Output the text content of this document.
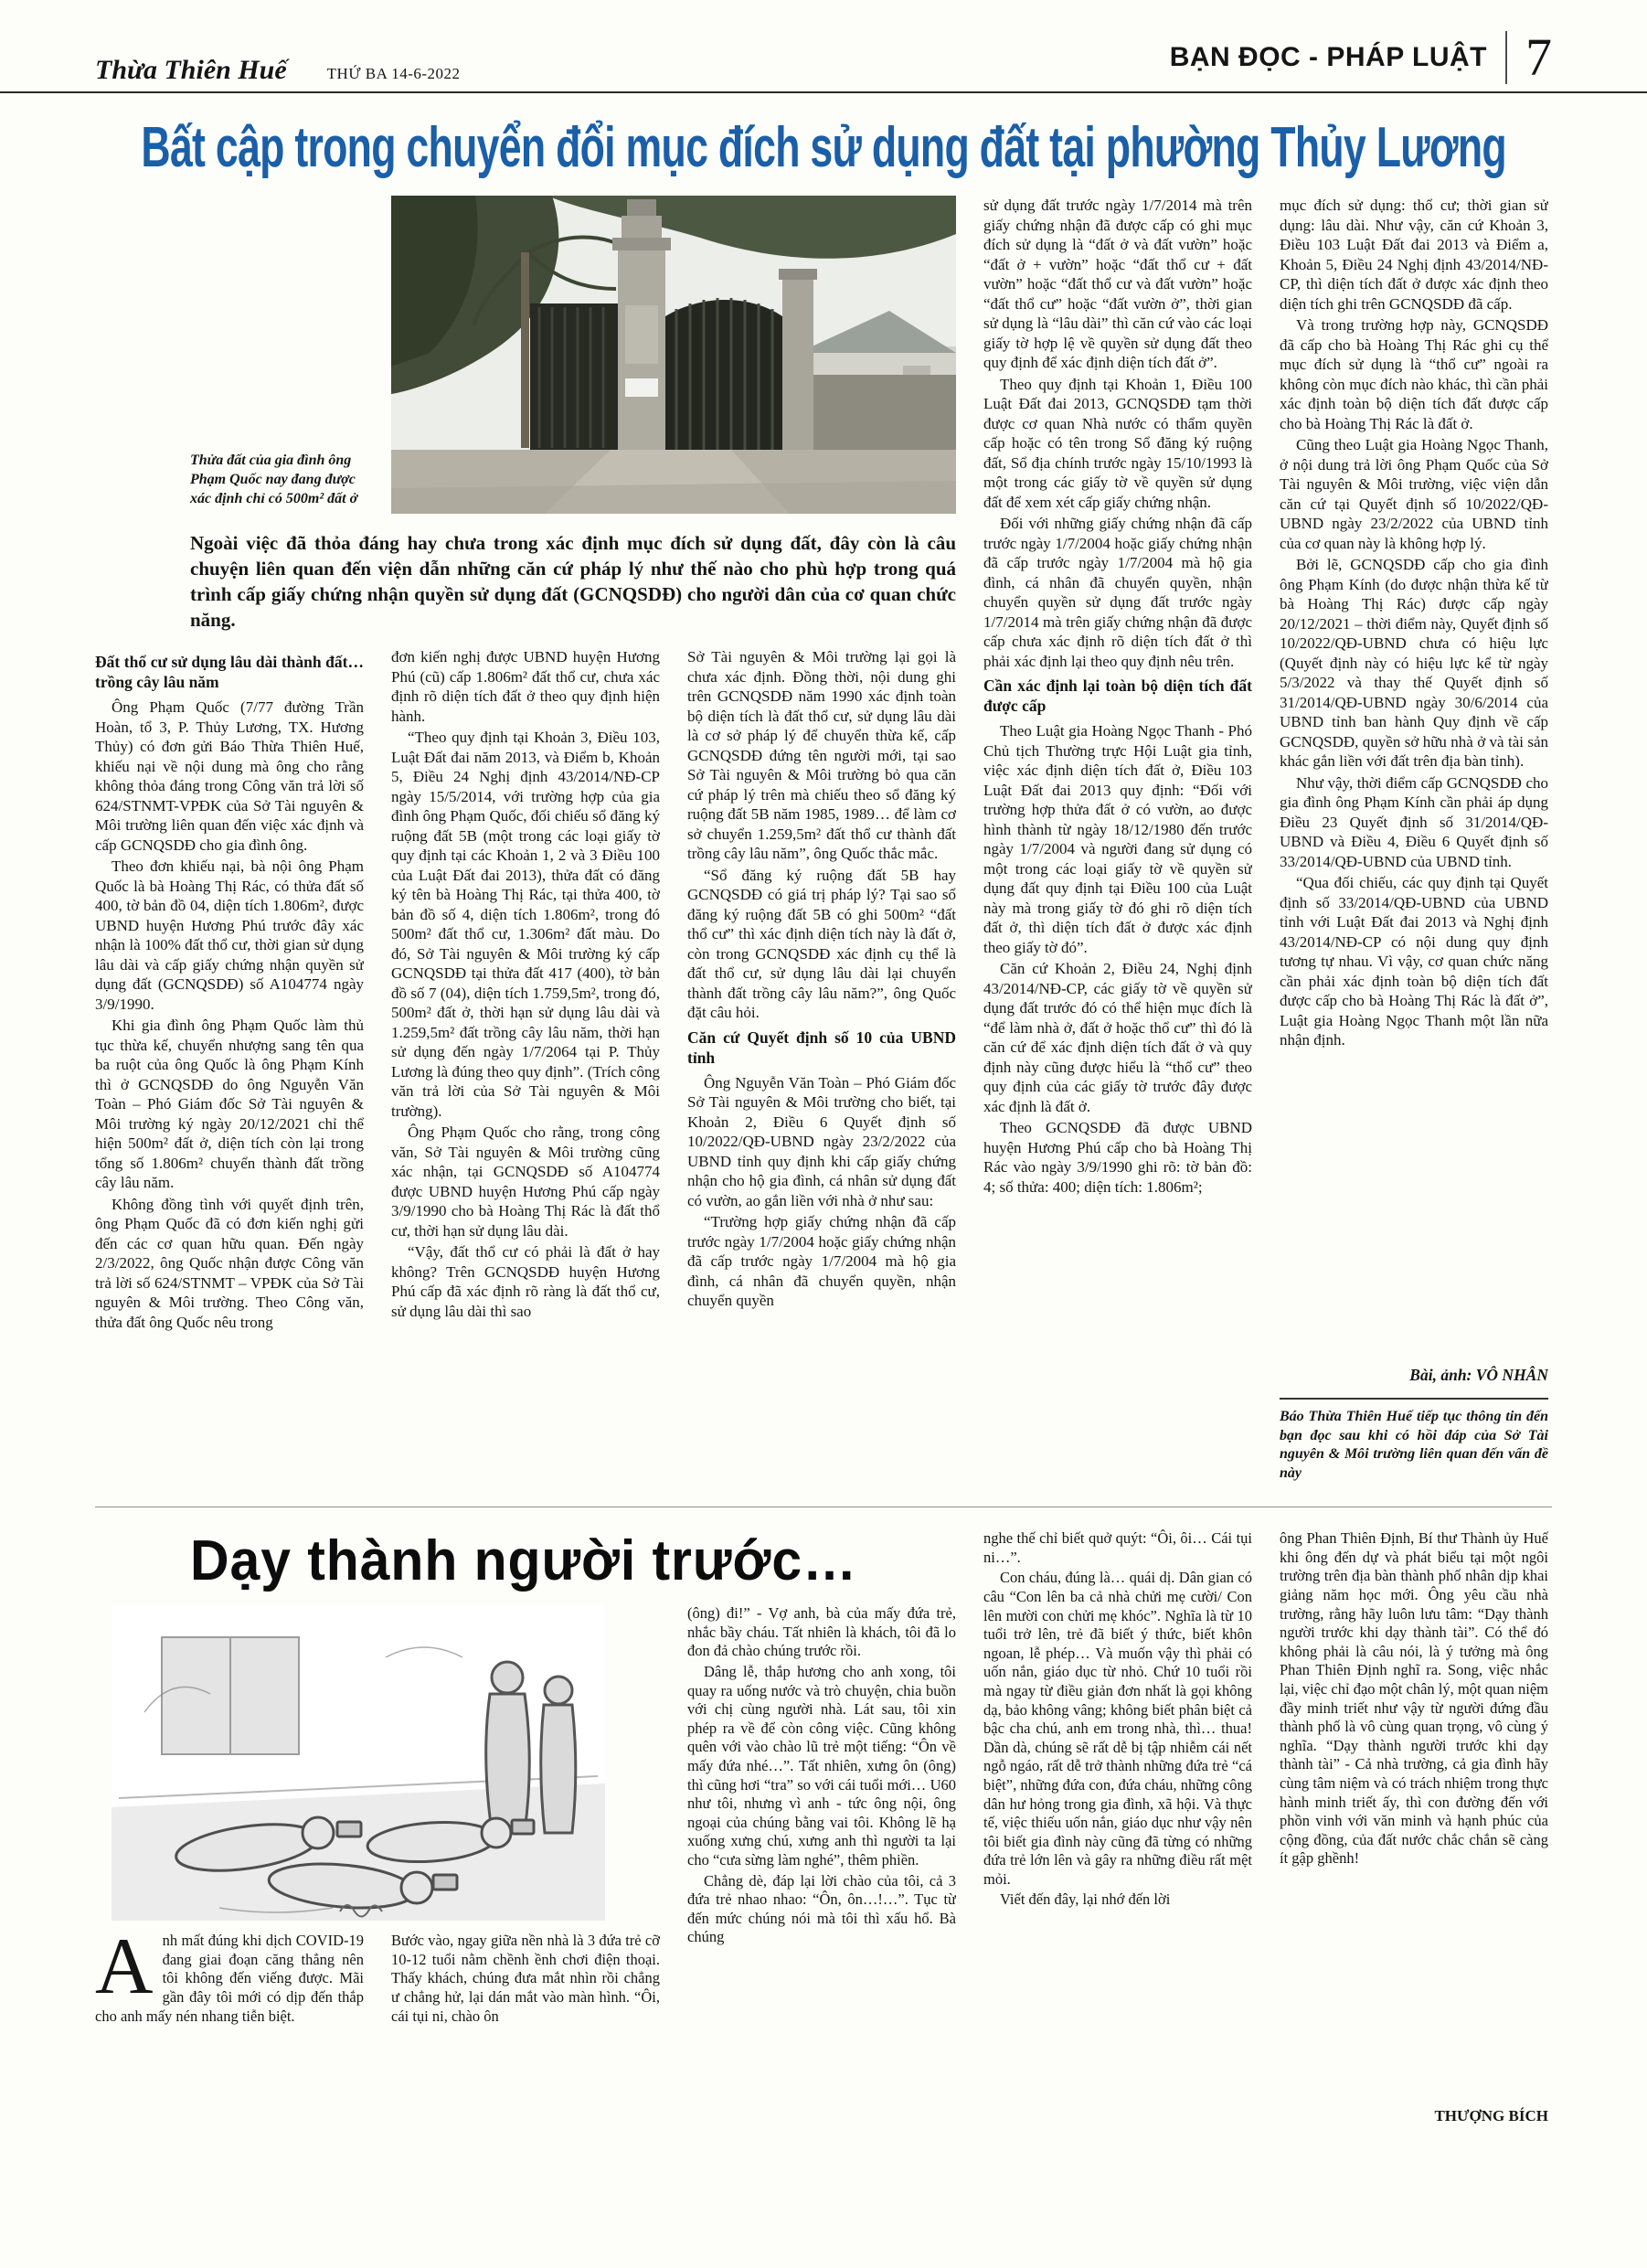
Thừa Thiên Huế	THỨ BA 14-6-2022
BẠN ĐỌC - PHÁP LUẬT 7
Bất cập trong chuyển đổi mục đích sử dụng đất tại phường Thủy Lương

Thửa đất của gia đình ông Phạm Quốc nay đang được xác định chỉ có 500m² đất ở

Ngoài việc đã thỏa đáng hay chưa trong xác định mục đích sử dụng đất, đây còn là câu chuyện liên quan đến viện dẫn những căn cứ pháp lý như thế nào cho phù hợp trong quá trình cấp giấy chứng nhận quyền sử dụng đất (GCNQSDĐ) cho người dân của cơ quan chức năng.

Đất thổ cư sử dụng lâu dài thành đất… trồng cây lâu năm

Ông Phạm Quốc (7/77 đường Trần Hoàn, tổ 3, P. Thủy Lương, TX. Hương Thủy) có đơn gửi Báo Thừa Thiên Huế, khiếu nại về nội dung mà ông cho rằng không thỏa đáng trong Công văn trả lời số 624/STNMT-VPĐK của Sở Tài nguyên & Môi trường liên quan đến việc xác định và cấp GCNQSDĐ cho gia đình ông.

Theo đơn khiếu nại, bà nội ông Phạm Quốc là bà Hoàng Thị Rác, có thửa đất số 400, tờ bản đồ 04, diện tích 1.806m², được UBND huyện Hương Phú trước đây xác nhận là 100% đất thổ cư, thời gian sử dụng lâu dài và cấp giấy chứng nhận quyền sử dụng đất (GCNQSDĐ) số A104774 ngày 3/9/1990.

Khi gia đình ông Phạm Quốc làm thủ tục thừa kế, chuyển nhượng sang tên qua ba ruột của ông Quốc là ông Phạm Kính thì ở GCNQSDĐ do ông Nguyễn Văn Toàn – Phó Giám đốc Sở Tài nguyên & Môi trường ký ngày 20/12/2021 chỉ thể hiện 500m² đất ở, diện tích còn lại trong tổng số 1.806m² chuyển thành đất trồng cây lâu năm.

Không đồng tình với quyết định trên, ông Phạm Quốc đã có đơn kiến nghị gửi đến các cơ quan hữu quan. Đến ngày 2/3/2022, ông Quốc nhận được Công văn trả lời số 624/STNMT – VPĐK của Sở Tài nguyên & Môi trường. Theo Công văn, thửa đất ông Quốc nêu trong

đơn kiến nghị được UBND huyện Hương Phú (cũ) cấp 1.806m² đất thổ cư, chưa xác định rõ diện tích đất ở theo quy định hiện hành.

“Theo quy định tại Khoản 3, Điều 103, Luật Đất đai năm 2013, và Điểm b, Khoản 5, Điều 24 Nghị định 43/2014/NĐ-CP ngày 15/5/2014, với trường hợp của gia đình ông Phạm Quốc, đối chiếu sổ đăng ký ruộng đất 5B (một trong các loại giấy tờ quy định tại các Khoản 1, 2 và 3 Điều 100 của Luật Đất đai 2013), thửa đất có đăng ký tên bà Hoàng Thị Rác, tại thửa 400, tờ bản đồ số 4, diện tích 1.806m², trong đó 500m² đất thổ cư, 1.306m² đất màu. Do đó, Sở Tài nguyên & Môi trường ký cấp GCNQSDĐ tại thửa đất 417 (400), tờ bản đồ số 7 (04), diện tích 1.759,5m², trong đó, 500m² đất ở, thời hạn sử dụng lâu dài và 1.259,5m² đất trồng cây lâu năm, thời hạn sử dụng đến ngày 1/7/2064 tại P. Thủy Lương là đúng theo quy định”. (Trích công văn trả lời của Sở Tài nguyên & Môi trường).

Ông Phạm Quốc cho rằng, trong công văn, Sở Tài nguyên & Môi trường cũng xác nhận, tại GCNQSDĐ số A104774 được UBND huyện Hương Phú cấp ngày 3/9/1990 cho bà Hoàng Thị Rác là đất thổ cư, thời hạn sử dụng lâu dài.

“Vậy, đất thổ cư có phải là đất ở hay không? Trên GCNQSDĐ huyện Hương Phú cấp đã xác định rõ ràng là đất thổ cư, sử dụng lâu dài thì sao

Sở Tài nguyên & Môi trường lại gọi là chưa xác định. Đồng thời, nội dung ghi trên GCNQSDĐ năm 1990 xác định toàn bộ diện tích là đất thổ cư, sử dụng lâu dài là cơ sở pháp lý để chuyển thừa kế, cấp GCNQSDĐ đứng tên người mới, tại sao Sở Tài nguyên & Môi trường bỏ qua căn cứ pháp lý trên mà chiếu theo sổ đăng ký ruộng đất 5B năm 1985, 1989… để làm cơ sở chuyển 1.259,5m² đất thổ cư thành đất trồng cây lâu năm”, ông Quốc thắc mắc.

“Sổ đăng ký ruộng đất 5B hay GCNQSDĐ có giá trị pháp lý? Tại sao sổ đăng ký ruộng đất 5B có ghi 500m² “đất thổ cư” thì xác định diện tích này là đất ở, còn trong GCNQSDĐ xác định cụ thể là đất thổ cư, sử dụng lâu dài lại chuyển thành đất trồng cây lâu năm?”, ông Quốc đặt câu hỏi.

Căn cứ Quyết định số 10 của UBND tỉnh

Ông Nguyễn Văn Toàn – Phó Giám đốc Sở Tài nguyên & Môi trường cho biết, tại Khoản 2, Điều 6 Quyết định số 10/2022/QĐ-UBND ngày 23/2/2022 của UBND tỉnh quy định khi cấp giấy chứng nhận cho hộ gia đình, cá nhân sử dụng đất có vườn, ao gắn liền với nhà ở như sau:

“Trường hợp giấy chứng nhận đã cấp trước ngày 1/7/2004 hoặc giấy chứng nhận đã cấp trước ngày 1/7/2004 mà hộ gia đình, cá nhân đã chuyển quyền, nhận chuyển quyền

sử dụng đất trước ngày 1/7/2014 mà trên giấy chứng nhận đã được cấp có ghi mục đích sử dụng là “đất ở và đất vườn” hoặc “đất ở + vườn” hoặc “đất thổ cư + đất vườn” hoặc “đất thổ cư và đất vườn” hoặc “đất thổ cư” hoặc “đất vườn ở”, thời gian sử dụng là “lâu dài” thì căn cứ vào các loại giấy tờ hợp lệ về quyền sử dụng đất theo quy định để xác định diện tích đất ở”.

Theo quy định tại Khoản 1, Điều 100 Luật Đất đai 2013, GCNQSDĐ tạm thời được cơ quan Nhà nước có thẩm quyền cấp hoặc có tên trong Sổ đăng ký ruộng đất, Sổ địa chính trước ngày 15/10/1993 là một trong các giấy tờ về quyền sử dụng đất để xem xét cấp giấy chứng nhận.

Đối với những giấy chứng nhận đã cấp trước ngày 1/7/2004 hoặc giấy chứng nhận đã cấp trước ngày 1/7/2004 mà hộ gia đình, cá nhân đã chuyển quyền, nhận chuyển quyền sử dụng đất trước ngày 1/7/2014 mà trên giấy chứng nhận đã được cấp chưa xác định rõ diện tích đất ở thì phải xác định lại theo quy định nêu trên.

Cần xác định lại toàn bộ diện tích đất được cấp

Theo Luật gia Hoàng Ngọc Thanh - Phó Chủ tịch Thường trực Hội Luật gia tỉnh, việc xác định diện tích đất ở, Điều 103 Luật Đất đai 2013 quy định: “Đối với trường hợp thửa đất ở có vườn, ao được hình thành từ ngày 18/12/1980 đến trước ngày 1/7/2004 và người đang sử dụng có một trong các loại giấy tờ về quyền sử dụng đất quy định tại Điều 100 của Luật này mà trong giấy tờ đó ghi rõ diện tích đất ở, thì diện tích đất ở được xác định theo giấy tờ đó”.

Căn cứ Khoản 2, Điều 24, Nghị định 43/2014/NĐ-CP, các giấy tờ về quyền sử dụng đất trước đó có thể hiện mục đích là “để làm nhà ở, đất ở hoặc thổ cư” thì đó là căn cứ để xác định diện tích đất ở và quy định này cũng được hiểu là “thổ cư” theo quy định của các giấy tờ trước đây được xác định là đất ở.

Theo GCNQSDĐ đã được UBND huyện Hương Phú cấp cho bà Hoàng Thị Rác vào ngày 3/9/1990 ghi rõ: tờ bản đồ: 4; số thửa: 400; diện tích: 1.806m²;

mục đích sử dụng: thổ cư; thời gian sử dụng: lâu dài. Như vậy, căn cứ Khoản 3, Điều 103 Luật Đất đai 2013 và Điểm a, Khoản 5, Điều 24 Nghị định 43/2014/NĐ-CP, thì diện tích đất ở được xác định theo diện tích ghi trên GCNQSDĐ đã cấp.

Và trong trường hợp này, GCNQSDĐ đã cấp cho bà Hoàng Thị Rác ghi cụ thể mục đích sử dụng là “thổ cư” ngoài ra không còn mục đích nào khác, thì cần phải xác định toàn bộ diện tích đất được cấp cho bà Hoàng Thị Rác là đất ở.

Cũng theo Luật gia Hoàng Ngọc Thanh, ở nội dung trả lời ông Phạm Quốc của Sở Tài nguyên & Môi trường, việc viện dẫn căn cứ tại Quyết định số 10/2022/QĐ-UBND ngày 23/2/2022 của UBND tỉnh của cơ quan này là không hợp lý.

Bởi lẽ, GCNQSDĐ cấp cho gia đình ông Phạm Kính (do được nhận thừa kế từ bà Hoàng Thị Rác) được cấp ngày 20/12/2021 – thời điểm này, Quyết định số 10/2022/QĐ-UBND chưa có hiệu lực (Quyết định này có hiệu lực kể từ ngày 5/3/2022 và thay thế Quyết định số 31/2014/QĐ-UBND ngày 30/6/2014 của UBND tỉnh ban hành Quy định về cấp GCNQSDĐ, quyền sở hữu nhà ở và tài sản khác gắn liền với đất trên địa bàn tỉnh).

Như vậy, thời điểm cấp GCNQSDĐ cho gia đình ông Phạm Kính cần phải áp dụng Điều 23 Quyết định số 31/2014/QĐ-UBND và Điều 4, Điều 6 Quyết định số 33/2014/QĐ-UBND của UBND tỉnh.

“Qua đối chiếu, các quy định tại Quyết định số 33/2014/QĐ-UBND của UBND tỉnh với Luật Đất đai 2013 và Nghị định 43/2014/NĐ-CP có nội dung quy định tương tự nhau. Vì vậy, cơ quan chức năng cần phải xác định toàn bộ diện tích đất được cấp cho bà Hoàng Thị Rác là đất ở”, Luật gia Hoàng Ngọc Thanh một lần nữa nhận định.

Bài, ảnh: VÔ NHÂN

Báo Thừa Thiên Huế tiếp tục thông tin đến bạn đọc sau khi có hồi đáp của Sở Tài nguyên & Môi trường liên quan đến vấn đề này

Dạy thành người trước…

Anh mất đúng khi dịch COVID-19 đang giai đoạn căng thẳng nên tôi không đến viếng được. Mãi gần đây tôi mới có dịp đến thắp cho anh mấy nén nhang tiễn biệt.

Bước vào, ngay giữa nền nhà là 3 đứa trẻ cỡ 10-12 tuổi nằm chềnh ềnh chơi điện thoại. Thấy khách, chúng đưa mắt nhìn rồi chẳng ư chẳng hử, lại dán mắt vào màn hình. “Ôi, cái tụi ni, chào ôn

(ông) đi!” - Vợ anh, bà của mấy đứa trẻ, nhắc bầy cháu. Tất nhiên là khách, tôi đã lo đon đả chào chúng trước rồi.

Dâng lễ, thắp hương cho anh xong, tôi quay ra uống nước và trò chuyện, chia buồn với chị cùng người nhà. Lát sau, tôi xin phép ra về để còn công việc. Cũng không quên với vào chào lũ trẻ một tiếng: “Ôn về mấy đứa nhé…”. Tất nhiên, xưng ôn (ông) thì cũng hơi “tra” so với cái tuổi mới… U60 như tôi, nhưng vì anh - tức ông nội, ông ngoại của chúng bằng vai tôi. Không lẽ hạ xuống xưng chú, xưng anh thì người ta lại cho “cưa sừng làm nghé”, thêm phiền.

Chẳng dè, đáp lại lời chào của tôi, cả 3 đứa trẻ nhao nhao: “Ôn, ôn…!…”. Tục từ đến mức chúng nói mà tôi thì xấu hổ. Bà chúng

nghe thế chỉ biết quở quýt: “Ôi, ôi… Cái tụi ni…”.

Con cháu, đúng là… quái dị. Dân gian có câu “Con lên ba cả nhà chửi mẹ cười/ Con lên mười con chửi mẹ khóc”. Nghĩa là từ 10 tuổi trở lên, trẻ đã biết ý thức, biết khôn ngoan, lễ phép… Và muốn vậy thì phải có uốn nắn, giáo dục từ nhỏ. Chứ 10 tuổi rồi mà ngay từ điều giản đơn nhất là gọi không dạ, bảo không vâng; không biết phân biệt cả bậc cha chú, anh em trong nhà, thì… thua! Dần dà, chúng sẽ rất dễ bị tập nhiễm cái nết ngỗ ngáo, rất dễ trở thành những đứa trẻ “cá biệt”, những đứa con, đứa cháu, những công dân hư hỏng trong gia đình, xã hội. Và thực tế, việc thiếu uốn nắn, giáo dục như vậy nên tôi biết gia đình này cũng đã từng có những đứa trẻ lớn lên và gây ra những điều rất mệt mỏi.

Viết đến đây, lại nhớ đến lời

ông Phan Thiên Định, Bí thư Thành ủy Huế khi ông đến dự và phát biểu tại một ngôi trường trên địa bàn thành phố nhân dịp khai giảng năm học mới. Ông yêu cầu nhà trường, rằng hãy luôn lưu tâm: “Dạy thành người trước khi dạy thành tài”. Có thể đó không phải là câu nói, là ý tưởng mà ông Phan Thiên Định nghĩ ra. Song, việc nhắc lại, việc chỉ đạo một chân lý, một quan niệm đầy minh triết như vậy từ người đứng đầu thành phố là vô cùng quan trọng, vô cùng ý nghĩa. “Dạy thành người trước khi dạy thành tài” - Cả nhà trường, cả gia đình hãy cùng tâm niệm và có trách nhiệm trong thực hành minh triết ấy, thì con đường đến với phồn vinh với văn minh và hạnh phúc của cộng đồng, của đất nước chắc chắn sẽ càng ít gập ghềnh!

THƯỢNG BÍCH
